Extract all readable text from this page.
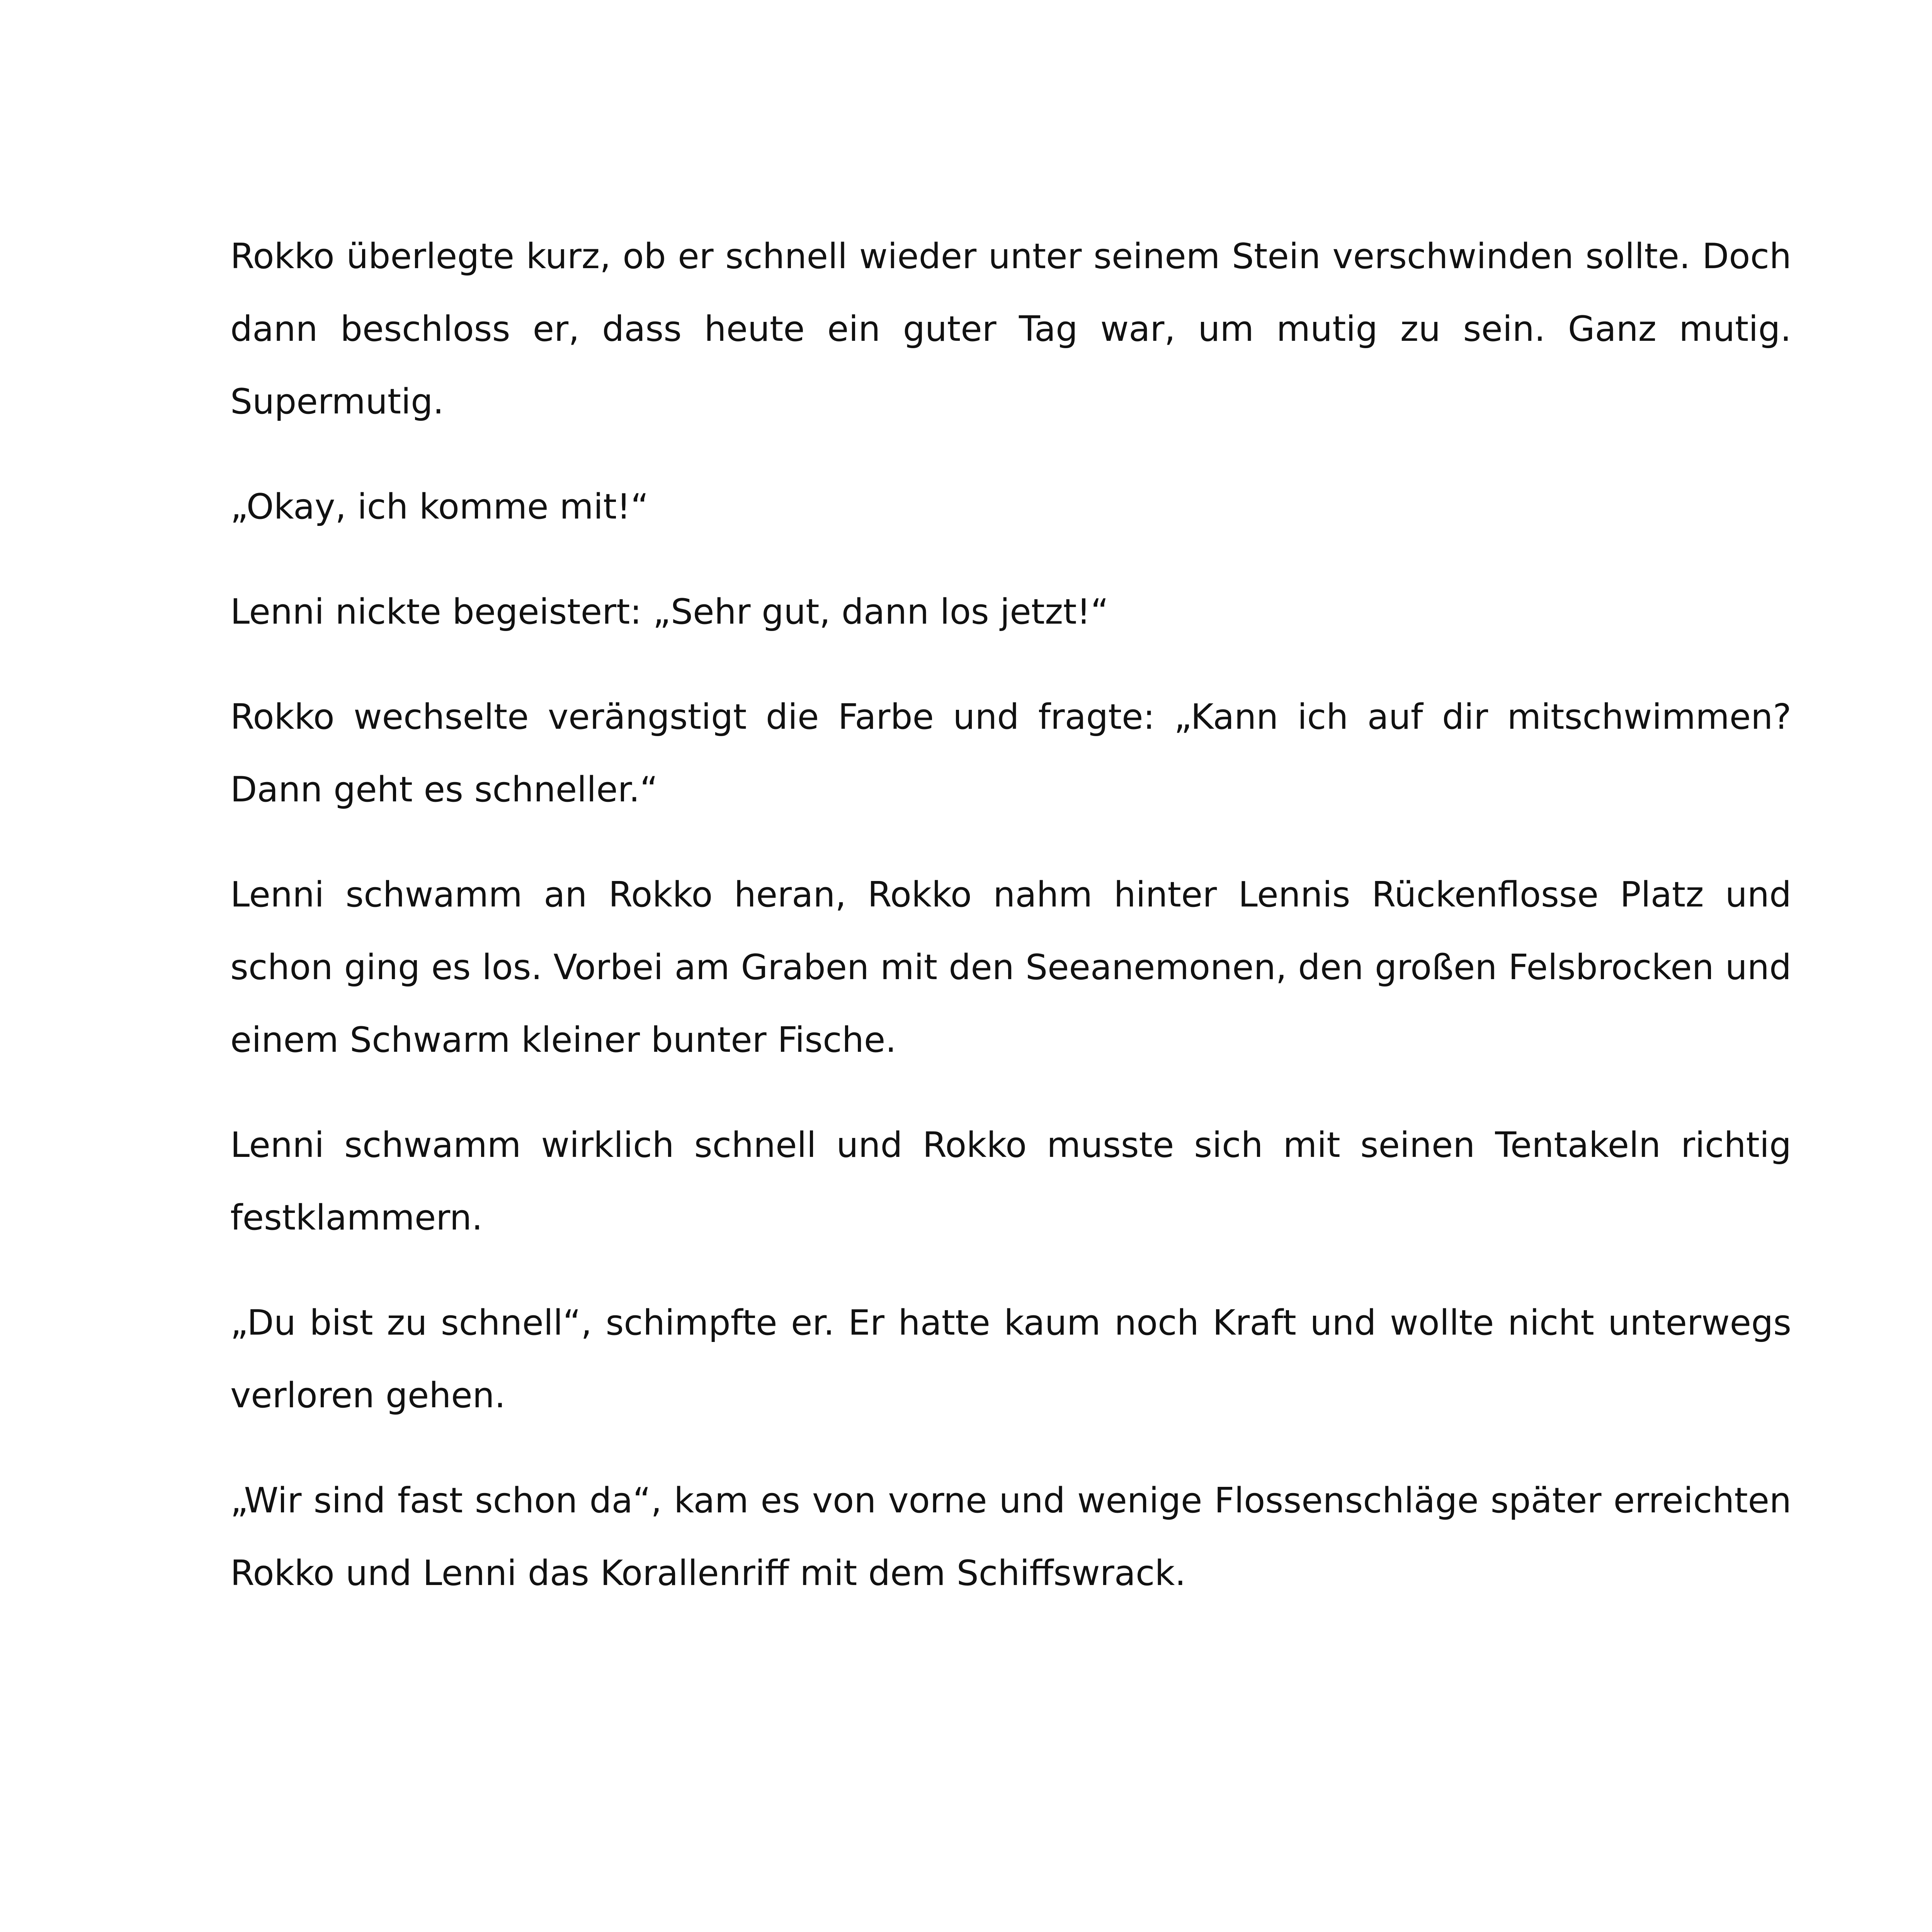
Rokko überlegte kurz, ob er schnell wieder unter seinem Stein verschwinden sollte. Doch dann beschloss er, dass heute ein guter Tag war, um mutig zu sein. Ganz mutig. Supermutig.

„Okay, ich komme mit!“

Lenni nickte begeistert: „Sehr gut, dann los jetzt!“

Rokko wechselte verängstigt die Farbe und fragte: „Kann ich auf dir mitschwimmen? Dann geht es schneller.“

Lenni schwamm an Rokko heran, Rokko nahm hinter Lennis Rückenflosse Platz und schon ging es los. Vorbei am Graben mit den Seeanemonen, den großen Felsbrocken und einem Schwarm kleiner bunter Fische.

Lenni schwamm wirklich schnell und Rokko musste sich mit seinen Tentakeln richtig festklammern.

„Du bist zu schnell“, schimpfte er. Er hatte kaum noch Kraft und wollte nicht unterwegs verloren gehen.

„Wir sind fast schon da“, kam es von vorne und wenige Flossenschläge später erreichten Rokko und Lenni das Korallenriff mit dem Schiffswrack.
